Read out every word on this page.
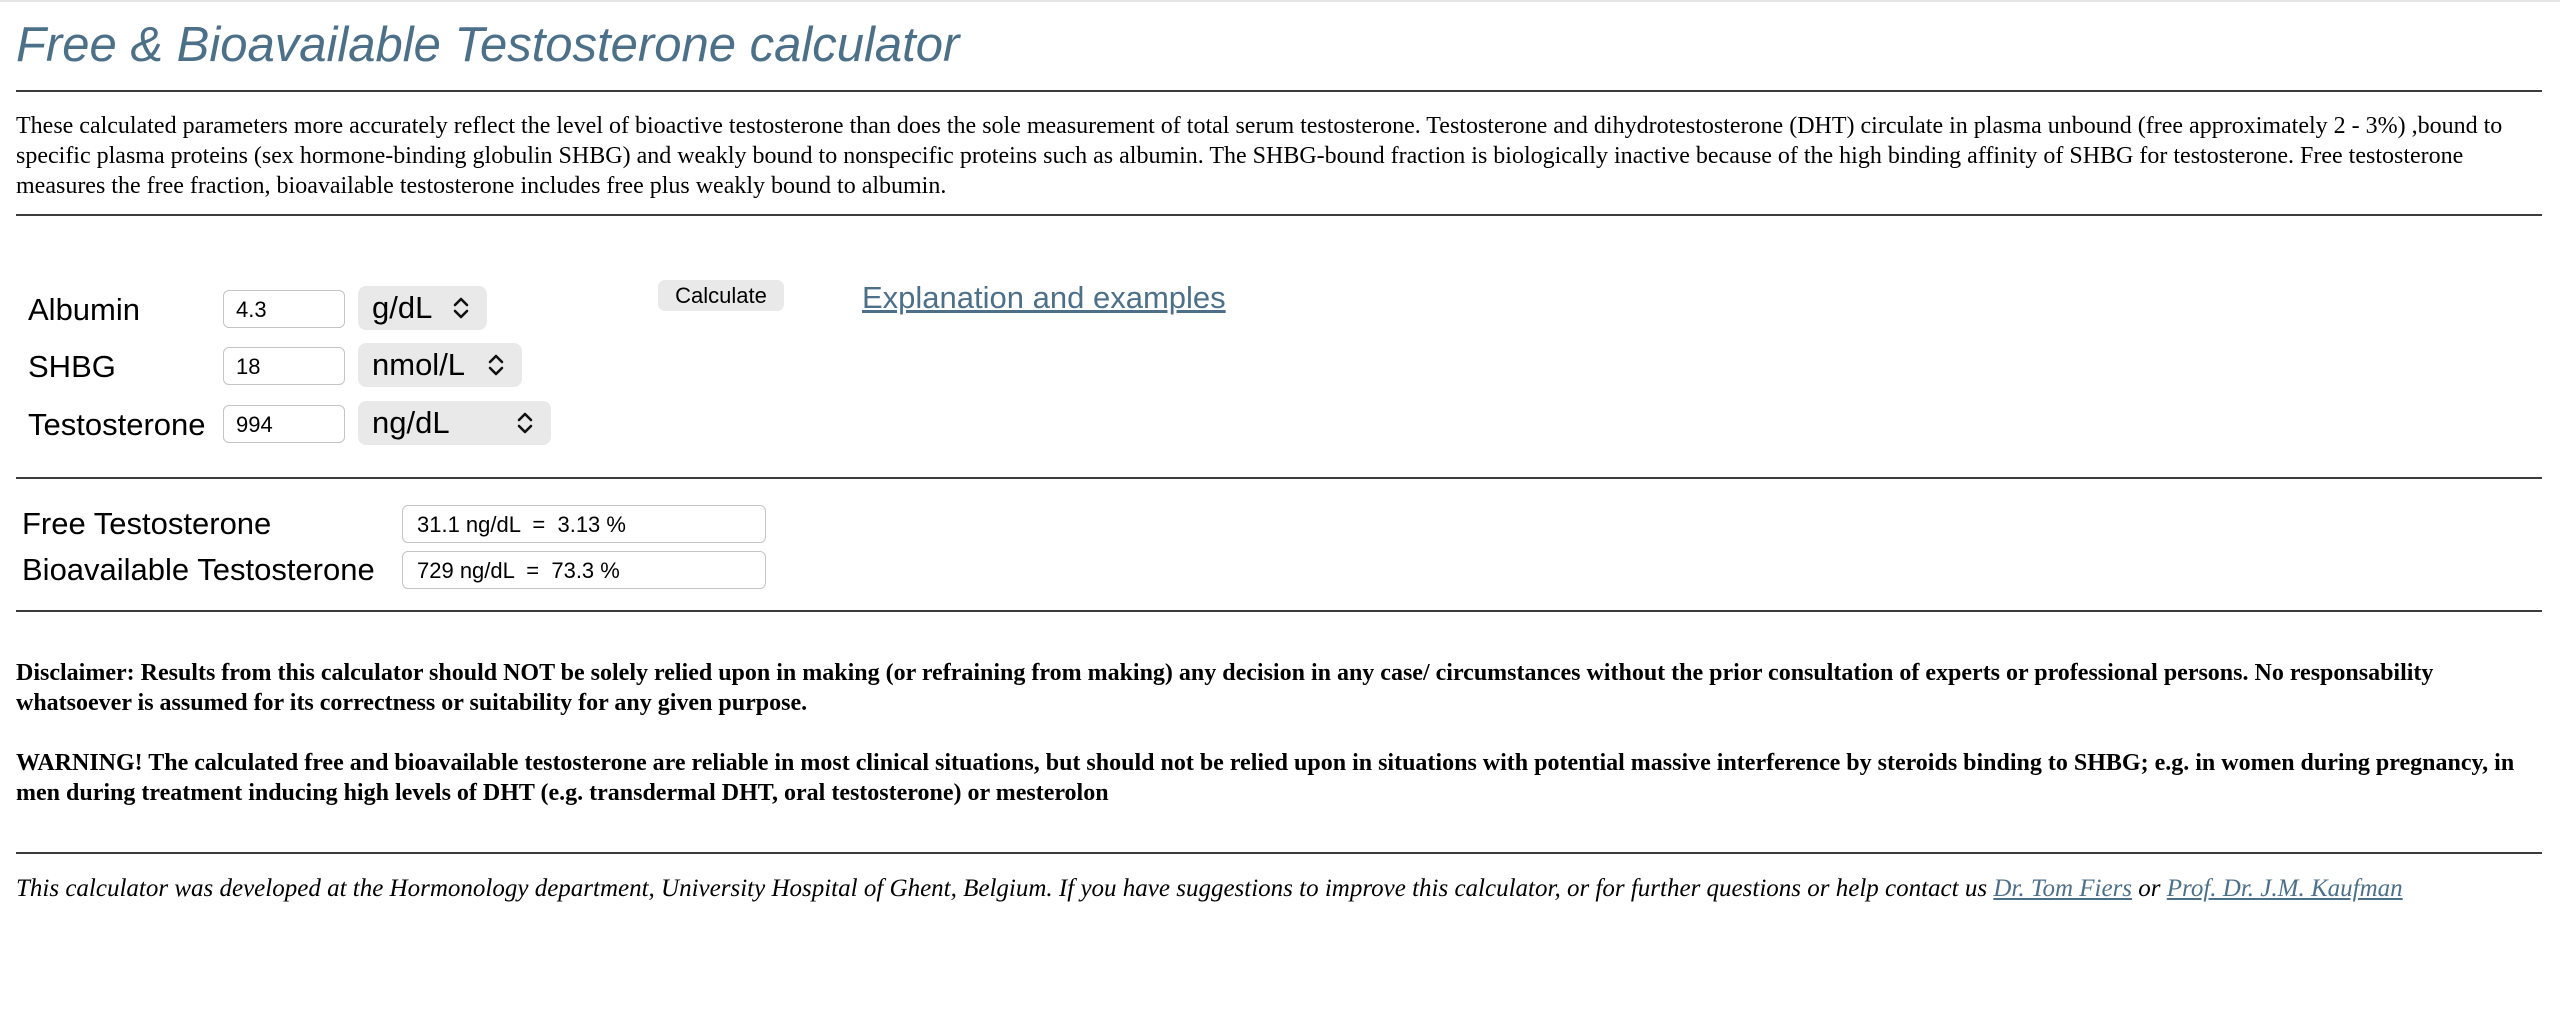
Free & Bioavailable Testosterone calculator

These calculated parameters more accurately reflect the level of bioactive testosterone than does the sole measurement of total serum testosterone. Testosterone and dihydrotestosterone (DHT) circulate in plasma unbound (free approximately 2 - 3%) ,bound to specific plasma proteins (sex hormone-binding globulin SHBG) and weakly bound to nonspecific proteins such as albumin. The SHBG-bound fraction is biologically inactive because of the high binding affinity of SHBG for testosterone. Free testosterone measures the free fraction, bioavailable testosterone includes free plus weakly bound to albumin.

Albumin	4.3	g/dL
SHBG	18	nmol/L
Testosterone	994	ng/dL
Calculate	Explanation and examples
Free Testosterone	31.1 ng/dL  =  3.13 %
Bioavailable Testosterone	729 ng/dL  =  73.3 %

Disclaimer: Results from this calculator should NOT be solely relied upon in making (or refraining from making) any decision in any case/ circumstances without the prior consultation of experts or professional persons. No responsability whatsoever is assumed for its correctness or suitability for any given purpose.

WARNING! The calculated free and bioavailable testosterone are reliable in most clinical situations, but should not be relied upon in situations with potential massive interference by steroids binding to SHBG; e.g. in women during pregnancy, in men during treatment inducing high levels of DHT (e.g. transdermal DHT, oral testosterone) or mesterolon

This calculator was developed at the Hormonology department, University Hospital of Ghent, Belgium. If you have suggestions to improve this calculator, or for further questions or help contact us Dr. Tom Fiers or Prof. Dr. J.M. Kaufman
